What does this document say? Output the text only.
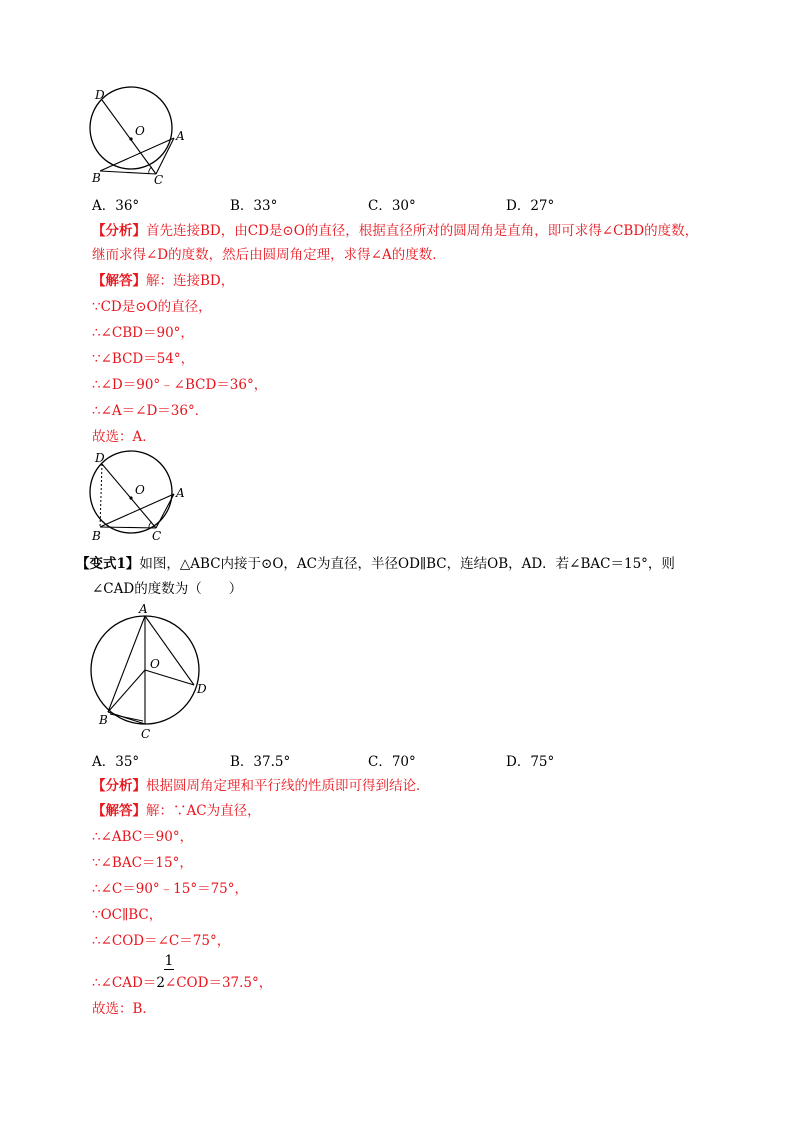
D
O	A
B	C
A．36°	B．33°	C．30°	D．27°
【分析】首先连接BD，由CD是⊙O的直径，根据直径所对的圆周角是直角，即可求得∠CBD的度数，
继而求得∠D的度数，然后由圆周角定理，求得∠A的度数．
【解答】解：连接BD，
∵CD是⊙O的直径，
∴∠CBD＝90°，
∵∠BCD＝54°，
∴∠D＝90°﹣∠BCD＝36°，
∴∠A＝∠D＝36°．
故选：A．
D
O	A
B	C
【变式1】如图，△ABC内接于⊙O，AC为直径，半径OD∥BC，连结OB，AD．若∠BAC＝15°，则
∠CAD的度数为（　　）
A
O
D
B
C
A．35°	B．37.5°	C．70°	D．75°
【分析】根据圆周角定理和平行线的性质即可得到结论．
【解答】解：∵AC为直径，
∴∠ABC＝90°，
∵∠BAC＝15°，
∴∠C＝90°﹣15°＝75°，
∵OC∥BC，
∴∠COD＝∠C＝75°，
1
∴∠CAD＝2∠COD＝37.5°，
故选：B．
